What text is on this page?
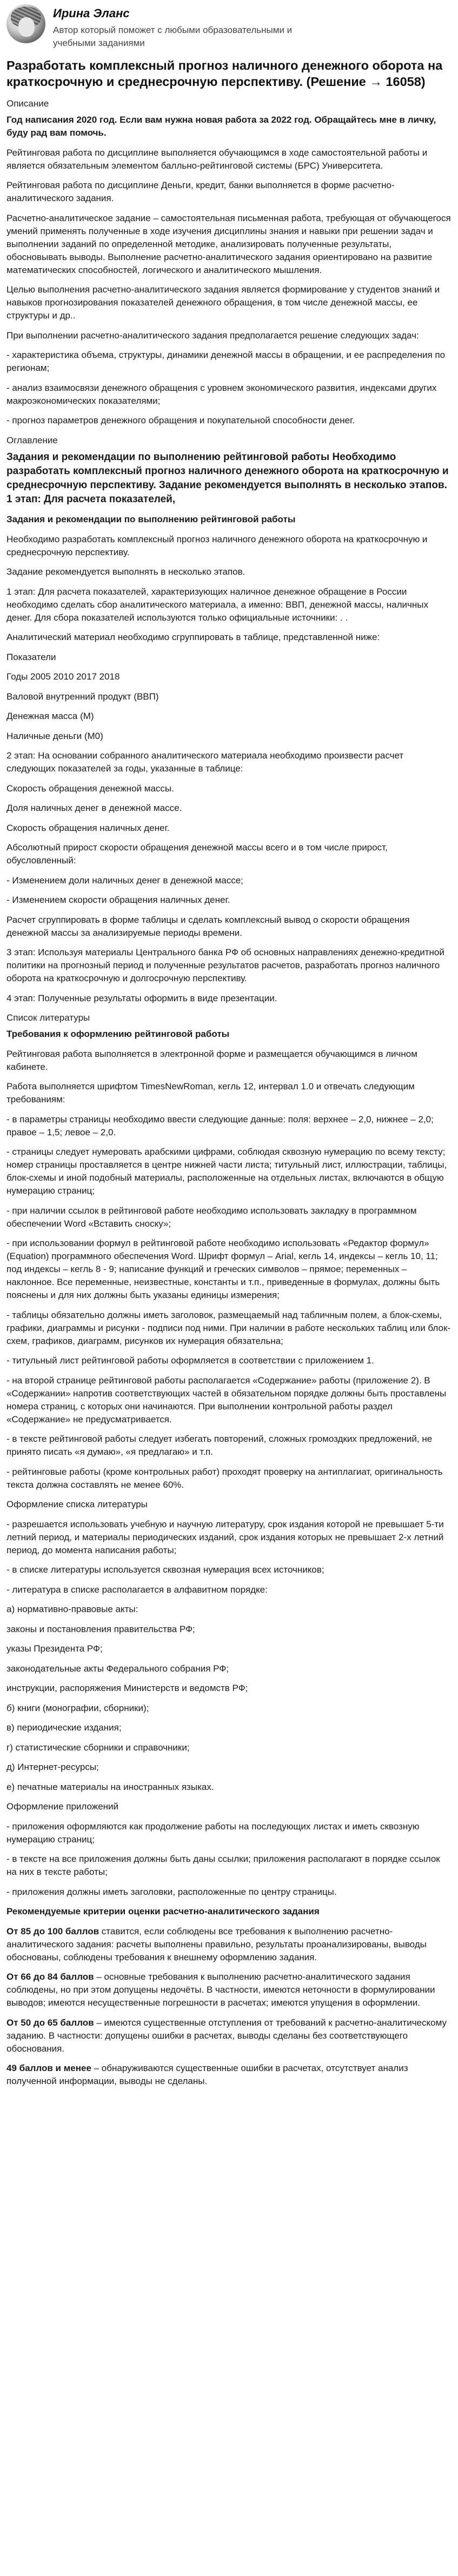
Ирина Эланс
Автор который поможет с любыми образовательными и учебными заданиями
Разработать комплексный прогноз наличного денежного оборота на краткосрочную и среднесрочную перспективу. (Решение → 16058)

Описание

Год написания 2020 год. Если вам нужна новая работа за 2022 год. Обращайтесь мне в личку, буду рад вам помочь.

Рейтинговая работа по дисциплине выполняется обучающимся в ходе самостоятельной работы и является обязательным элементом балльно-рейтинговой системы (БРС) Университета.

Рейтинговая работа по дисциплине Деньги, кредит, банки выполняется в форме расчетно-аналитического задания.

Расчетно-аналитическое задание – самостоятельная письменная работа, требующая от обучающегося умений применять полученные в ходе изучения дисциплины знания и навыки при решении задач и выполнении заданий по определенной методике, анализировать полученные результаты, обосновывать выводы. Выполнение расчетно-аналитического задания ориентировано на развитие математических способностей, логического и аналитического мышления.

Целью выполнения расчетно-аналитического задания является формирование у студентов знаний и навыков прогнозирования показателей денежного обращения, в том числе денежной массы, ее структуры и др..

При выполнении расчетно-аналитического задания предполагается решение следующих задач:

- характеристика объема, структуры, динамики денежной массы в обращении, и ее распределения по регионам;

- анализ взаимосвязи денежного обращения с уровнем экономического развития, индексами других макроэкономических показателями;

- прогноз параметров денежного обращения и покупательной способности денег.

Оглавление

Задания и рекомендации по выполнению рейтинговой работы Необходимо разработать комплексный прогноз наличного денежного оборота на краткосрочную и среднесрочную перспективу. Задание рекомендуется выполнять в несколько этапов. 1 этап: Для расчета показателей,

Задания и рекомендации по выполнению рейтинговой работы

Необходимо разработать комплексный прогноз наличного денежного оборота на краткосрочную и среднесрочную перспективу.

Задание рекомендуется выполнять в несколько этапов.

1 этап: Для расчета показателей, характеризующих наличное денежное обращение в России необходимо сделать сбор аналитического материала, а именно: ВВП, денежной массы, наличных денег. Для сбора показателей используются только официальные источники: . .

Аналитический материал необходимо сгруппировать в таблице, представленной ниже:

Показатели

Годы 2005 2010 2017 2018

Валовой внутренний продукт (ВВП)

Денежная масса (М)

Наличные деньги (М0)

2 этап: На основании собранного аналитического материала необходимо произвести расчет следующих показателей за годы, указанные в таблице:

Скорость обращения денежной массы.

Доля наличных денег в денежной массе.

Скорость обращения наличных денег.

Абсолютный прирост скорости обращения денежной массы всего и в том числе прирост, обусловленный:

- Изменением доли наличных денег в денежной массе;

- Изменением скорости обращения наличных денег.

Расчет сгруппировать в форме таблицы и сделать комплексный вывод о скорости обращения денежной массы за анализируемые периоды времени.

3 этап: Используя материалы Центрального банка РФ об основных направлениях денежно-кредитной политики на прогнозный период и полученные результатов расчетов, разработать прогноз наличного оборота на краткосрочную и долгосрочную перспективу.

4 этап: Полученные результаты оформить в виде презентации.

Список литературы

Требования к оформлению рейтинговой работы

Рейтинговая работа выполняется в электронной форме и размещается обучающимся в личном кабинете.

Работа выполняется шрифтом TimesNewRoman, кегль 12, интервал 1.0 и отвечать следующим требованиям:

- в параметры страницы необходимо ввести следующие данные: поля: верхнее – 2,0, нижнее – 2,0; правое – 1,5; левое – 2,0.

- страницы следует нумеровать арабскими цифрами, соблюдая сквозную нумерацию по всему тексту; номер страницы проставляется в центре нижней части листа; титульный лист, иллюстрации, таблицы, блок-схемы и иной подобный материалы, расположенные на отдельных листах, включаются в общую нумерацию страниц;

- при наличии ссылок в рейтинговой работе необходимо использовать закладку в программном обеспечении Word «Вставить сноску»;

- при использовании формул в рейтинговой работе необходимо использовать «Редактор формул» (Equation) программного обеспечения Word. Шрифт формул – Arial, кегль 14, индексы – кегль 10, 11; под индексы – кегль 8 - 9; написание функций и греческих символов – прямое; переменных – наклонное. Все переменные, неизвестные, константы и т.п., приведенные в формулах, должны быть пояснены и для них должны быть указаны единицы измерения;

- таблицы обязательно должны иметь заголовок, размещаемый над табличным полем, а блок-схемы, графики, диаграммы и рисунки - подписи под ними. При наличии в работе нескольких таблиц или блок-схем, графиков, диаграмм, рисунков их нумерация обязательна;

- титульный лист рейтинговой работы оформляется в соответствии с приложением 1.

- на второй странице рейтинговой работы располагается «Содержание» работы (приложение 2). В «Содержании» напротив соответствующих частей в обязательном порядке должны быть проставлены номера страниц, с которых они начинаются. При выполнении контрольной работы раздел «Содержание» не предусматривается.

- в тексте рейтинговой работы следует избегать повторений, сложных громоздких предложений, не принято писать «я думаю», «я предлагаю» и т.п.

- рейтинговые работы (кроме контрольных работ) проходят проверку на антиплагиат, оригинальность текста должна составлять не менее 60%.

Оформление списка литературы

- разрешается использовать учебную и научную литературу, срок издания которой не превышает 5-ти летний период, и материалы периодических изданий, срок издания которых не превышает 2-х летний период, до момента написания работы;

- в списке литературы используется сквозная нумерация всех источников;

- литература в списке располагается в алфавитном порядке:

а) нормативно-правовые акты:

законы и постановления правительства РФ;

указы Президента РФ;

законодательные акты Федерального собрания РФ;

инструкции, распоряжения Министерств и ведомств РФ;

б) книги (монографии, сборники);

в) периодические издания;

г) статистические сборники и справочники;

д) Интернет-ресурсы;

е) печатные материалы на иностранных языках.

Оформление приложений

- приложения оформляются как продолжение работы на последующих листах и иметь сквозную нумерацию страниц;

- в тексте на все приложения должны быть даны ссылки; приложения располагают в порядке ссылок на них в тексте работы;

- приложения должны иметь заголовки, расположенные по центру страницы.

Рекомендуемые критерии оценки расчетно-аналитического задания

От 85 до 100 баллов ставится, если соблюдены все требования к выполнению расчетно-аналитического задания: расчеты выполнены правильно, результаты проанализированы, выводы обоснованы, соблюдены требования к внешнему оформлению задания.

От 66 до 84 баллов – основные требования к выполнению расчетно-аналитического задания соблюдены, но при этом допущены недочёты. В частности, имеются неточности в формулировании выводов; имеются несущественные погрешности в расчетах; имеются упущения в оформлении.

От 50 до 65 баллов – имеются существенные отступления от требований к расчетно-аналитическому заданию. В частности: допущены ошибки в расчетах, выводы сделаны без соответствующего обоснования.

49 баллов и менее – обнаруживаются существенные ошибки в расчетах, отсутствует анализ полученной информации, выводы не сделаны.
